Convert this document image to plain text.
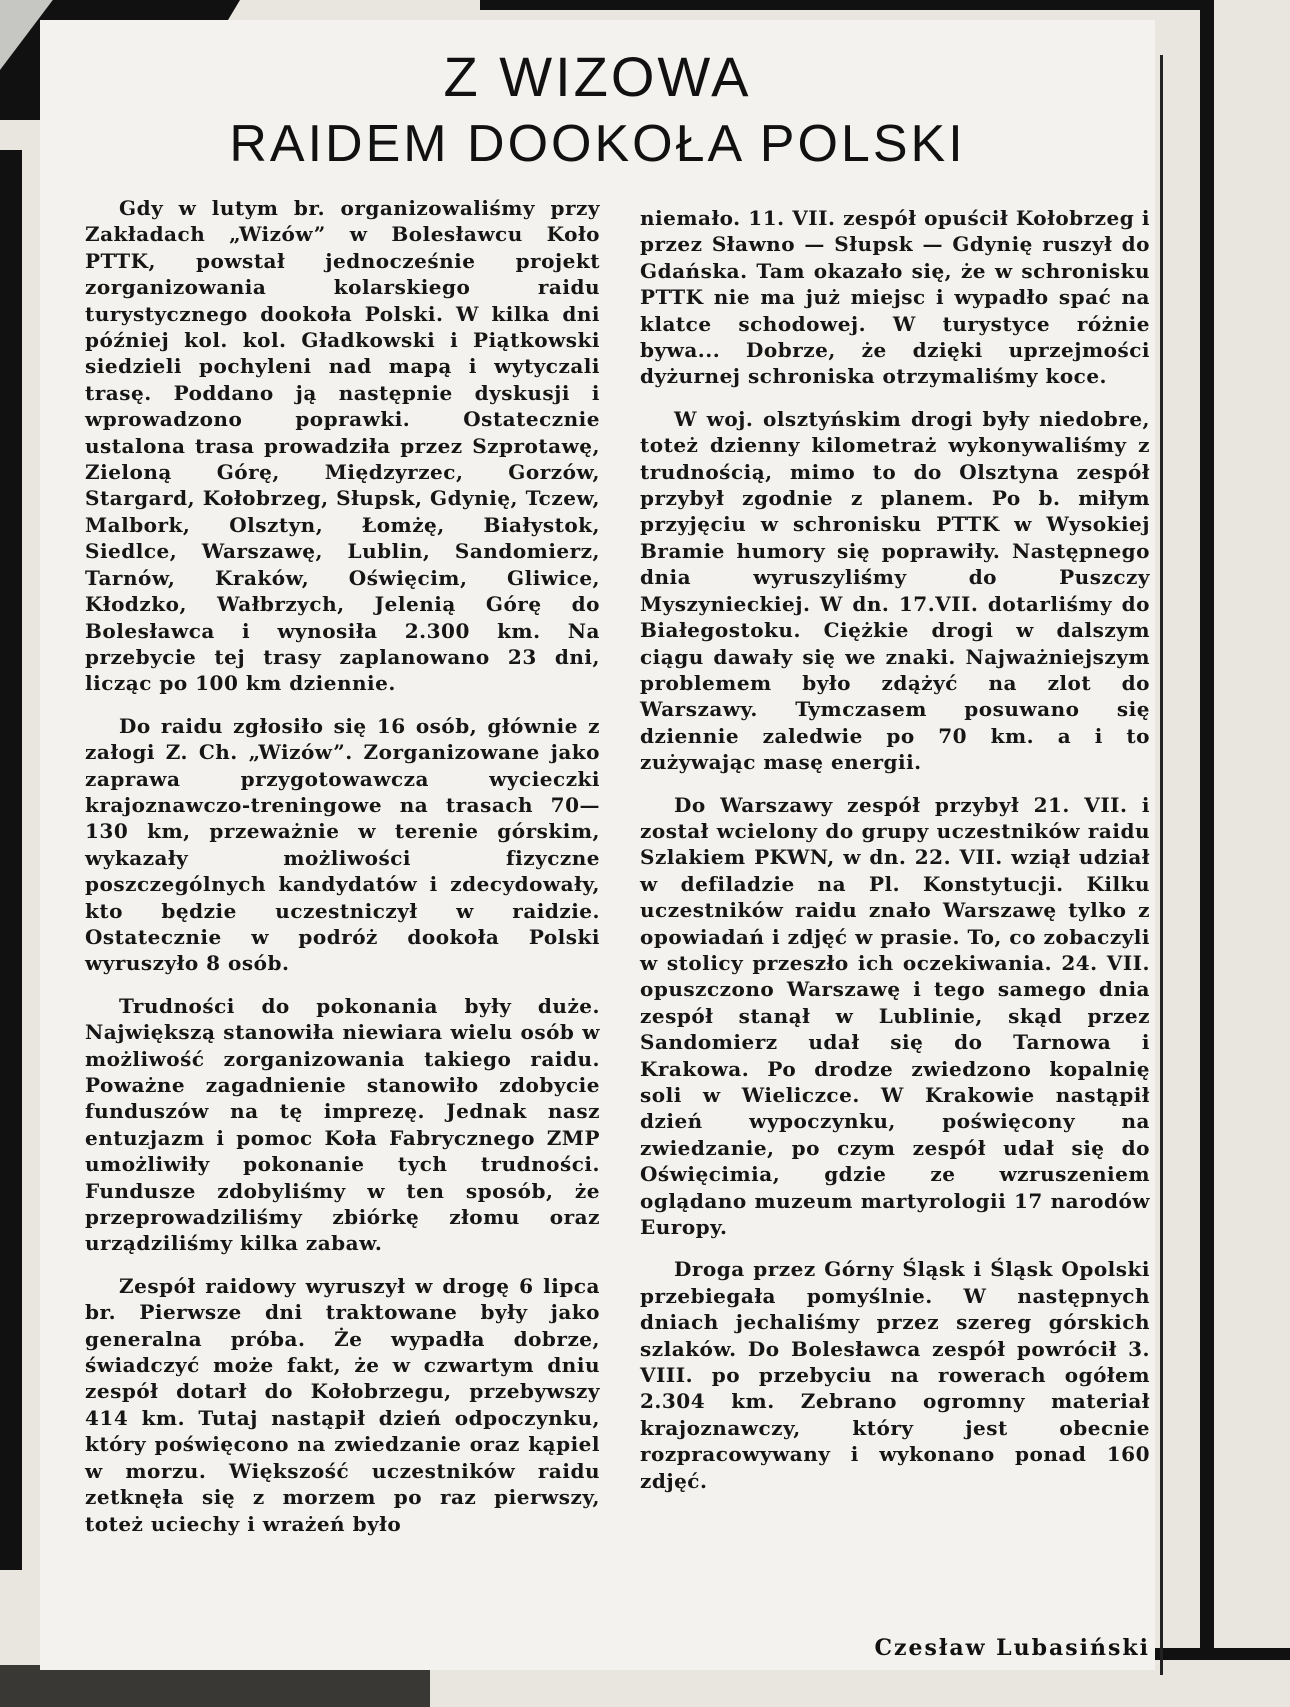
Z WIZOWA
RAIDEM DOOKOŁA POLSKI

Gdy w lutym br. organizowaliśmy przy Zakładach „Wizów” w Bolesławcu Koło PTTK, powstał jednocześnie projekt zorganizowania kolarskiego raidu turystycznego dookoła Polski. W kilka dni później kol. kol. Gładkowski i Piątkowski siedzieli pochyleni nad mapą i wytyczali trasę. Poddano ją następnie dyskusji i wprowadzono poprawki. Ostatecznie ustalona trasa prowadziła przez Szprotawę, Zieloną Górę, Międzyrzec, Gorzów, Stargard, Kołobrzeg, Słupsk, Gdynię, Tczew, Malbork, Olsztyn, Łomżę, Białystok, Siedlce, Warszawę, Lublin, Sandomierz, Tarnów, Kraków, Oświęcim, Gliwice, Kłodzko, Wałbrzych, Jelenią Górę do Bolesławca i wynosiła 2.300 km. Na przebycie tej trasy zaplanowano 23 dni, licząc po 100 km dziennie.

Do raidu zgłosiło się 16 osób, głównie z załogi Z. Ch. „Wizów”. Zorganizowane jako zaprawa przygotowawcza wycieczki krajoznawczo-treningowe na trasach 70—130 km, przeważnie w terenie górskim, wykazały możliwości fizyczne poszczególnych kandydatów i zdecydowały, kto będzie uczestniczył w raidzie. Ostatecznie w podróż dookoła Polski wyruszyło 8 osób.

Trudności do pokonania były duże. Największą stanowiła niewiara wielu osób w możliwość zorganizowania takiego raidu. Poważne zagadnienie stanowiło zdobycie funduszów na tę imprezę. Jednak nasz entuzjazm i pomoc Koła Fabrycznego ZMP umożliwiły pokonanie tych trudności. Fundusze zdobyliśmy w ten sposób, że przeprowadziliśmy zbiórkę złomu oraz urządziliśmy kilka zabaw.

Zespół raidowy wyruszył w drogę 6 lipca br. Pierwsze dni traktowane były jako generalna próba. Że wypadła dobrze, świadczyć może fakt, że w czwartym dniu zespół dotarł do Kołobrzegu, przebywszy 414 km. Tutaj nastąpił dzień odpoczynku, który poświęcono na zwiedzanie oraz kąpiel w morzu. Większość uczestników raidu zetknęła się z morzem po raz pierwszy, toteż uciechy i wrażeń było

niemało. 11. VII. zespół opuścił Kołobrzeg i przez Sławno — Słupsk — Gdynię ruszył do Gdańska. Tam okazało się, że w schronisku PTTK nie ma już miejsc i wypadło spać na klatce schodowej. W turystyce różnie bywa... Dobrze, że dzięki uprzejmości dyżurnej schroniska otrzymaliśmy koce.

W woj. olsztyńskim drogi były niedobre, toteż dzienny kilometraż wykonywaliśmy z trudnością, mimo to do Olsztyna zespół przybył zgodnie z planem. Po b. miłym przyjęciu w schronisku PTTK w Wysokiej Bramie humory się poprawiły. Następnego dnia wyruszyliśmy do Puszczy Myszynieckiej. W dn. 17.VII. dotarliśmy do Białegostoku. Ciężkie drogi w dalszym ciągu dawały się we znaki. Najważniejszym problemem było zdążyć na zlot do Warszawy. Tymczasem posuwano się dziennie zaledwie po 70 km. a i to zużywając masę energii.

Do Warszawy zespół przybył 21. VII. i został wcielony do grupy uczestników raidu Szlakiem PKWN, w dn. 22. VII. wziął udział w defiladzie na Pl. Konstytucji. Kilku uczestników raidu znało Warszawę tylko z opowiadań i zdjęć w prasie. To, co zobaczyli w stolicy przeszło ich oczekiwania. 24. VII. opuszczono Warszawę i tego samego dnia zespół stanął w Lublinie, skąd przez Sandomierz udał się do Tarnowa i Krakowa. Po drodze zwiedzono kopalnię soli w Wieliczce. W Krakowie nastąpił dzień wypoczynku, poświęcony na zwiedzanie, po czym zespół udał się do Oświęcimia, gdzie ze wzruszeniem oglądano muzeum martyrologii 17 narodów Europy.

Droga przez Górny Śląsk i Śląsk Opolski przebiegała pomyślnie. W następnych dniach jechaliśmy przez szereg górskich szlaków. Do Bolesławca zespół powrócił 3. VIII. po przebyciu na rowerach ogółem 2.304 km. Zebrano ogromny materiał krajoznawczy, który jest obecnie rozpracowywany i wykonano ponad 160 zdjęć.

Czesław Lubasiński
